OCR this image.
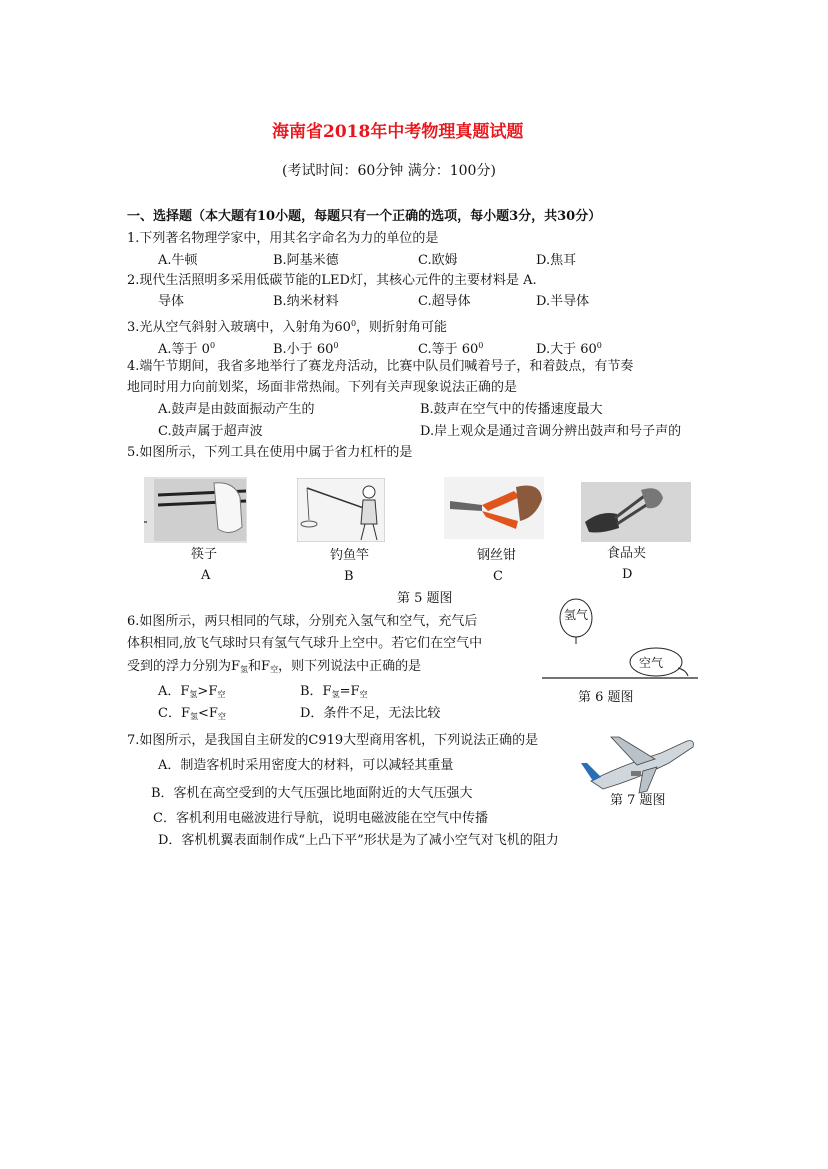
海南省2018年中考物理真题试题
(考试时间：60分钟 满分：100分)
一、选择题（本大题有10小题，每题只有一个正确的选项，每小题3分，共30分）
1.下列著名物理学家中，用其名字命名为力的单位的是
A.牛顿	B.阿基米德	C.欧姆	D.焦耳
2.现代生活照明多采用低碳节能的LED灯，其核心元件的主要材料是 A.
导体	B.纳米材料	C.超导体	D.半导体
3.光从空气斜射入玻璃中，入射角为$60^0$，则折射角可能
A.等于 $0^0$	B.小于 $60^0$	C.等于 $60^0$	D.大于 $60^0$
4.端午节期间，我省多地举行了赛龙舟活动，比赛中队员们喊着号子，和着鼓点，有节奏
地同时用力向前划桨，场面非常热闹。下列有关声现象说法正确的是
A.鼓声是由鼓面振动产生的	B.鼓声在空气中的传播速度最大
C.鼓声属于超声波	D.岸上观众是通过音调分辨出鼓声和号子声的
5.如图所示，下列工具在使用中属于省力杠杆的是
筷子
A
钓鱼竿
B
钢丝钳
C
食品夹
D
第 5 题图
6.如图所示，两只相同的气球，分别充入氢气和空气，充气后
体积相同,放飞气球时只有氢气气球升上空中。若它们在空气中
受到的浮力分别为$F_氢$和$F_空$，则下列说法中正确的是
A．$F_氢>F_空$	B．$F_氢=F_空$
C．$F_氢<F_空$	D．条件不足，无法比较
氢气
空气
第 6 题图
7.如图所示，是我国自主研发的C919大型商用客机，下列说法正确的是
A．制造客机时采用密度大的材料，可以减轻其重量
B．客机在高空受到的大气压强比地面附近的大气压强大	第 7 题图
C．客机利用电磁波进行导航，说明电磁波能在空气中传播
D．客机机翼表面制作成“上凸下平”形状是为了减小空气对飞机的阻力
